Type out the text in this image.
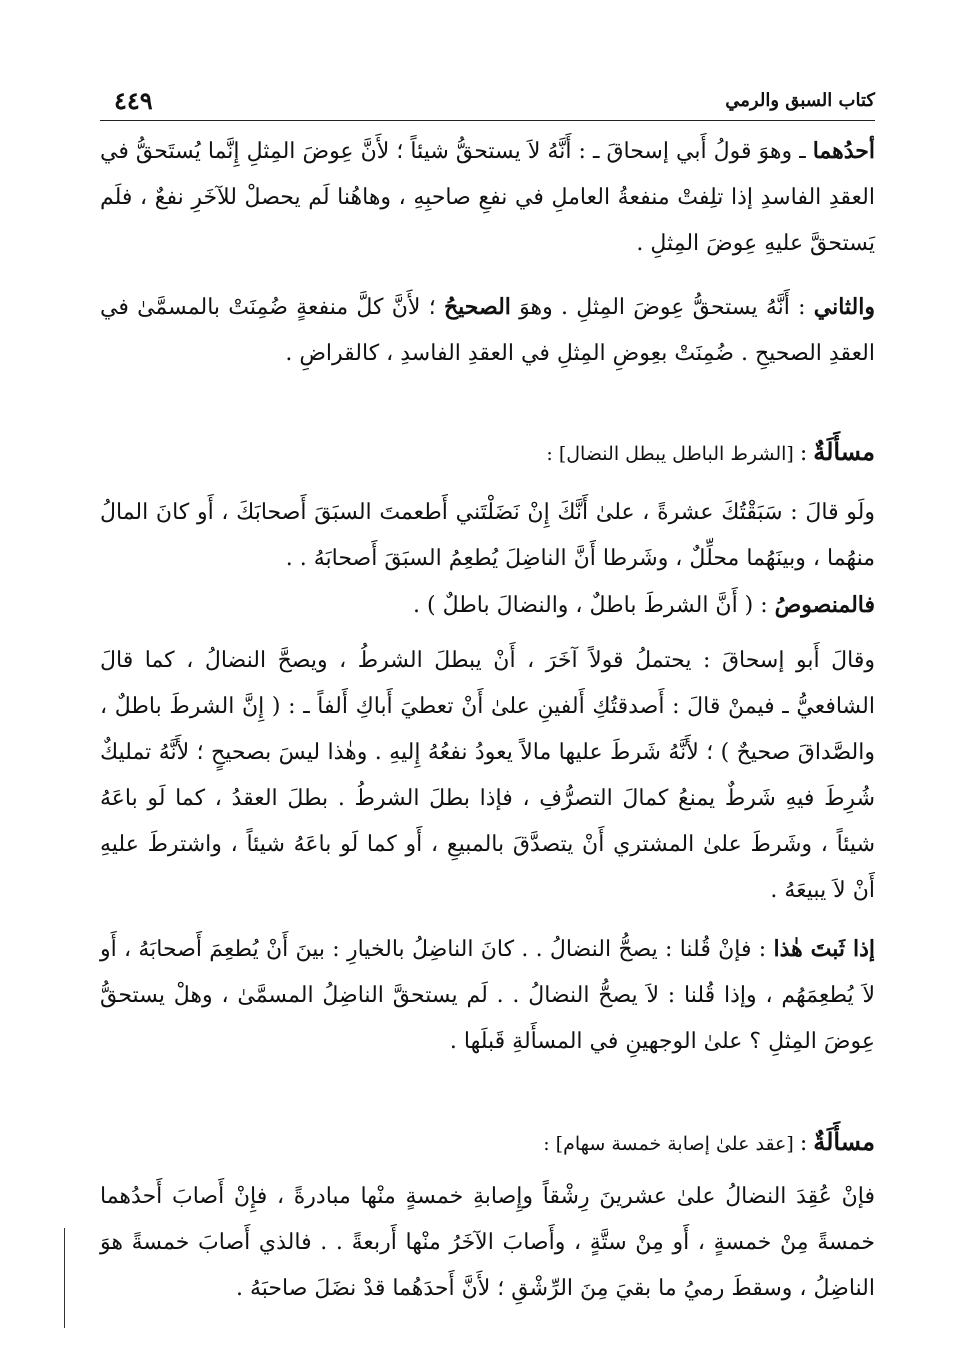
كتاب السبق والرمي
٤٤٩

أحدُهما ـ وهوَ قولُ أَبي إسحاقَ ـ : أَنَّهُ لاَ يستحقُّ شيئاً ؛ لأَنَّ عِوضَ المِثلِ إِنَّما يُستَحقُّ في العقدِ الفاسدِ إذا تلِفتْ منفعةُ العاملِ في نفعِ صاحبِهِ ، وهاهُنا لَم يحصلْ للآخَرِ نفعٌ ، فلَم يَستحقَّ عليهِ عِوضَ المِثلِ .

والثاني : أَنَّهُ يستحقُّ عِوضَ المِثلِ . وهوَ الصحيحُ ؛ لأَنَّ كلَّ منفعةٍ ضُمِنَتْ بالمسمَّىٰ في العقدِ الصحيحِ . ضُمِنَتْ بعِوضِ المِثلِ في العقدِ الفاسدِ ، كالقراضِ .

مسأَلَةٌ:[الشرط الباطل يبطل النضال] :

ولَو قالَ : سَبَقْتُكَ عشرةً ، علىٰ أَنَّكَ إِنْ نَضَلْتَني أَطعمتَ السبَقَ أَصحابَكَ ، أَو كانَ المالُ منهُما ، وبينَهُما محلِّلٌ ، وشَرطا أَنَّ الناضِلَ يُطعِمُ السبَقَ أَصحابَهُ . .

فالمنصوصُ : ( أَنَّ الشرطَ باطلٌ ، والنضالَ باطلٌ ) .

وقالَ أَبو إسحاقَ : يحتملُ قولاً آخَرَ ، أَنْ يبطلَ الشرطُ ، ويصحَّ النضالُ ، كما قالَ الشافعيُّ ـ فيمنْ قالَ : أَصدقتُكِ أَلفينِ علىٰ أَنْ تعطيَ أَباكِ أَلفاً ـ : ( إِنَّ الشرطَ باطلٌ ، والصَّداقَ صحيحٌ ) ؛ لأَنَّهُ شَرطَ عليها مالاً يعودُ نفعُهُ إِليهِ . وهٰذا ليسَ بصحيحٍ ؛ لأَنَّهُ تمليكٌ شُرِطَ فيهِ شَرطٌ يمنعُ كمالَ التصرُّفِ ، فإذا بطلَ الشرطُ . بطلَ العقدُ ، كما لَو باعَهُ شيئاً ، وشَرطَ علىٰ المشتري أَنْ يتصدَّقَ بالمبيعِ ، أَو كما لَو باعَهُ شيئاً ، واشترطَ عليهِ أَنْ لاَ يبيعَهُ .

إذا ثَبتَ هٰذا : فإنْ قُلنا : يصحُّ النضالُ . . كانَ الناضِلُ بالخيارِ : بينَ أَنْ يُطعِمَ أَصحابَهُ ، أَو لاَ يُطعِمَهُم ، وإذا قُلنا : لاَ يصحُّ النضالُ . . لَم يستحقَّ الناضِلُ المسمَّىٰ ، وهلْ يستحقُّ عِوضَ المِثلِ ؟ علىٰ الوجهينِ في المسأَلةِ قَبلَها .

مسأَلَةٌ:[عقد علىٰ إصابة خمسة سهام] :

فإنْ عُقِدَ النضالُ علىٰ عشرينَ رِشْقاً وإِصابةِ خمسةٍ منْها مبادرةً ، فإِنْ أَصابَ أَحدُهما خمسةً مِنْ خمسةٍ ، أَو مِنْ ستَّةٍ ، وأَصابَ الآخَرُ منْها أَربعةً . . فالذي أَصابَ خمسةً هوَ الناضِلُ ، وسقطَ رميُ ما بقيَ مِنَ الرِّشْقِ ؛ لأَنَّ أَحدَهُما قدْ نضَلَ صاحبَهُ .
